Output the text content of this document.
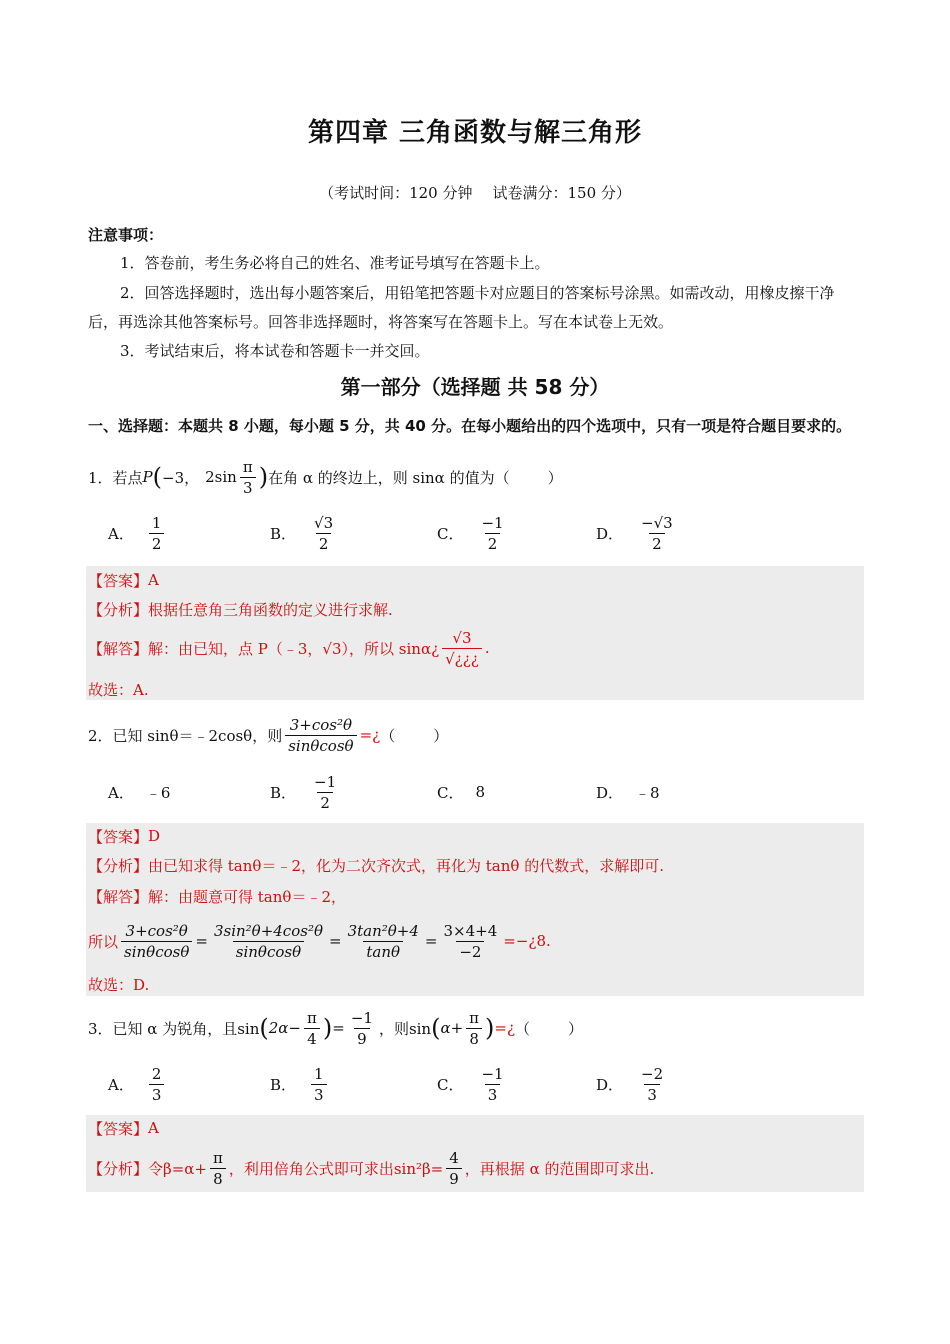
第四章 三角函数与解三角形
（考试时间：120 分钟 试卷满分：150 分）
注意事项：
1．答卷前，考生务必将自己的姓名、准考证号填写在答题卡上。
2．回答选择题时，选出每小题答案后，用铅笔把答题卡对应题目的答案标号涂黑。如需改动，用橡皮擦干净后，再选涂其他答案标号。回答非选择题时，将答案写在答题卡上。写在本试卷上无效。
3．考试结束后，将本试卷和答题卡一并交回。
第一部分（选择题 共 58 分）
一、选择题：本题共 8 小题，每小题 5 分，共 40 分。在每小题给出的四个选项中，只有一项是符合题目要求的。
1．若点 P ( −3， $2\sin \frac{\pi}{3}$ ) 在角 α 的终边上，则 sinα 的值为（	）
A． $\frac{1}{2}$	B． $\frac{√3}{2}$	C． $\frac{-1}{2}$	D． $\frac{-√3}{2}$
【答案】 A
【分析】 根据任意角三角函数的定义进行求解.
【解答】 解：由已知，点 P（﹣3，√3），所以 sinα¿ $\frac{√3}{√¿¿¿}$ .
故选：A.
2．已知 sinθ＝﹣2cosθ，则 $\frac{\text{3+cos²θ}}{\sin\theta\cos\theta}$ =¿ （	）
A． ﹣6	B． $\frac{-1}{2}$	C． 8	D． ﹣8
【答案】 D
【分析】 由已知求得 tanθ＝﹣2，化为二次齐次式，再化为 tanθ 的代数式，求解即可.
【解答】 解：由题意可得 tanθ＝﹣2，
所以 $\frac{\text{3+cos²θ}}{\sin\theta\cos\theta} = \frac{\text{3sin²θ+4cos²θ}}{\sin\theta\cos\theta} = \frac{\text{3tan²θ+4}}{\tan\theta} = \frac{3\times 4+4}{-2}$ =−¿8.
故选：D.
3．已知 α 为锐角，且sin ( $2\alpha- \frac{\pi}{4}$ ) = $\frac{-1}{9}$ ，则sin ( $\alpha+ \frac{\pi}{8}$ ) =¿ （	）
A． $\frac{2}{3}$	B． $\frac{1}{3}$	C． $\frac{-1}{3}$	D． $\frac{-2}{3}$
【答案】 A
【分析】 令$\beta=\alpha+ \frac{\pi}{8}$ ，利用倍角公式即可求出$\sin^2\beta= \frac{4}{9}$ ，再根据 α 的范围即可求出.
